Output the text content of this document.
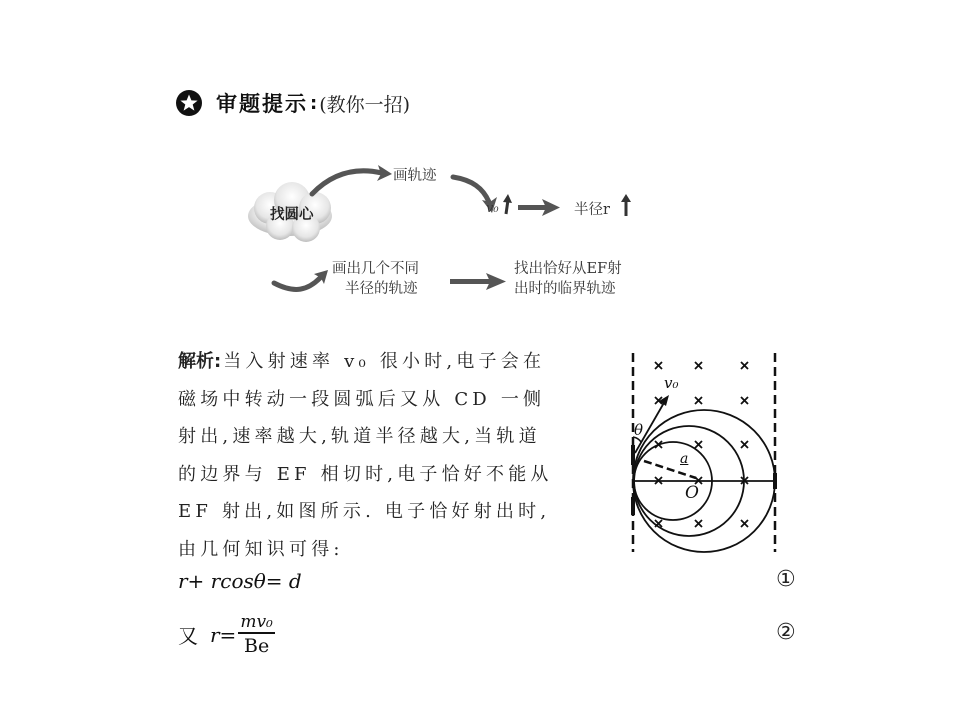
审题提示 : (教你一招)
找圆心
画轨迹
v₀	半径r
画出几个不同
半径的轨迹
找出恰好从EF射
出时的临界轨迹
解析: 当入射速率 v₀ 很小时,电子会在
磁场中转动一段圆弧后又从 CD 一侧
射出,速率越大,轨道半径越大,当轨道
的边界与 EF 相切时,电子恰好不能从
EF 射出,如图所示. 电子恰好射出时,
由几何知识可得:
v₀
θ
a
O
r+ rcosθ= d	①
又 $r= \frac{\text{mv₀}}{Be}$	②
